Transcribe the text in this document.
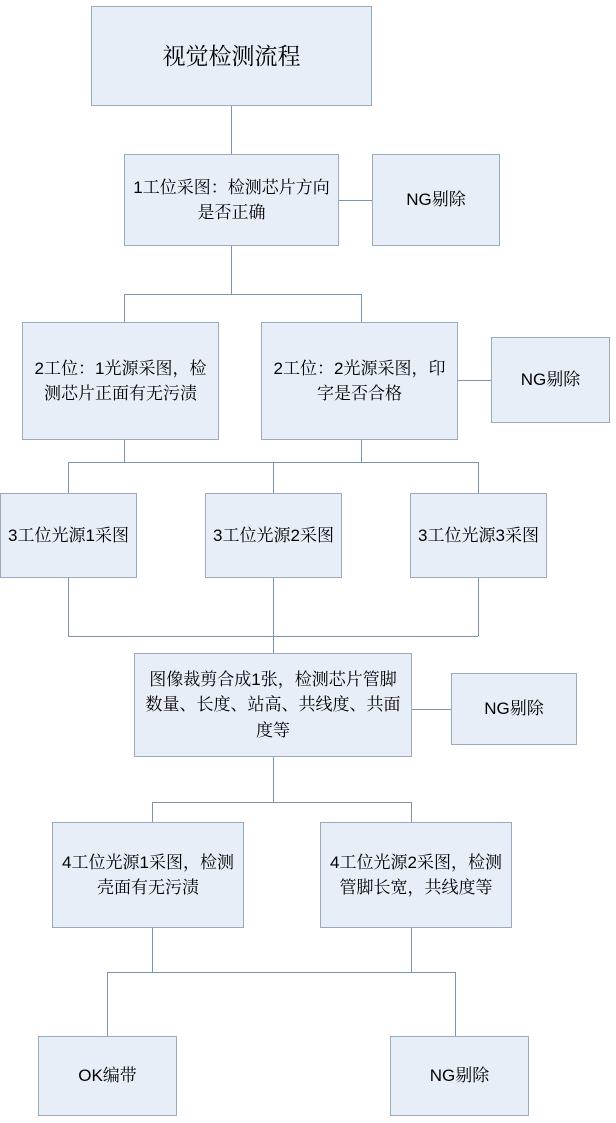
视觉检测流程
1工位采图：检测芯片方向是否正确
NG剔除
2工位：1光源采图，检测芯片正面有无污渍
2工位：2光源采图，印字是否合格
NG剔除
3工位光源1采图	3工位光源2采图	3工位光源3采图
图像裁剪合成1张，检测芯片管脚数量、长度、站高、共线度、共面度等
NG剔除
4工位光源1采图，检测壳面有无污渍
4工位光源2采图，检测管脚长宽，共线度等
OK编带	NG剔除
